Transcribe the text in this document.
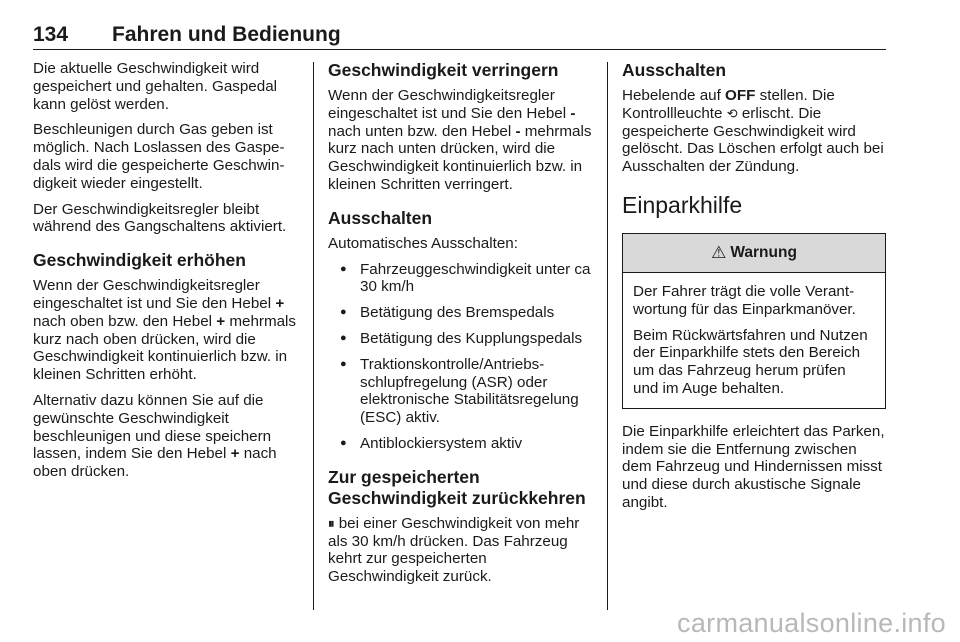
134 Fahren und Bedienung

Die aktuelle Geschwindigkeit wird gespeichert und gehalten. Gaspedal kann gelöst werden.

Beschleunigen durch Gas geben ist möglich. Nach Loslassen des Gaspedals wird die gespeicherte Geschwindigkeit wieder eingestellt.

Der Geschwindigkeitsregler bleibt während des Gangschaltens aktiviert.

Geschwindigkeit erhöhen

Wenn der Geschwindigkeitsregler eingeschaltet ist und Sie den Hebel + nach oben bzw. den Hebel + mehrmals kurz nach oben drücken, wird die Geschwindigkeit kontinuierlich bzw. in kleinen Schritten erhöht.

Alternativ dazu können Sie auf die gewünschte Geschwindigkeit beschleunigen und diese speichern lassen, indem Sie den Hebel + nach oben drücken.

Geschwindigkeit verringern

Wenn der Geschwindigkeitsregler eingeschaltet ist und Sie den Hebel - nach unten bzw. den Hebel - mehrmals kurz nach unten drücken, wird die Geschwindigkeit kontinuierlich bzw. in kleinen Schritten verringert.

Ausschalten

Automatisches Ausschalten:

● Fahrzeuggeschwindigkeit unter ca 30 km/h
● Betätigung des Bremspedals
● Betätigung des Kupplungspedals
● Traktionskontrolle/Antriebsschlupfregelung (ASR) oder elektronische Stabilitätsregelung (ESC) aktiv.
● Antiblockiersystem aktiv
Zur gespeicherten Geschwindigkeit zurückkehren

⏸ bei einer Geschwindigkeit von mehr als 30 km/h drücken. Das Fahrzeug kehrt zur gespeicherten Geschwindigkeit zurück.

Ausschalten

Hebelende auf OFF stellen. Die Kontrollleuchte ⟲ erlischt. Die gespeicherte Geschwindigkeit wird gelöscht. Das Löschen erfolgt auch bei Ausschalten der Zündung.

Einparkhilfe
⚠ Warnung

Der Fahrer trägt die volle Verantwortung für das Einparkmanöver.

Beim Rückwärtsfahren und Nutzen der Einparkhilfe stets den Bereich um das Fahrzeug herum prüfen und im Auge behalten.

Die Einparkhilfe erleichtert das Parken, indem sie die Entfernung zwischen dem Fahrzeug und Hindernissen misst und diese durch akustische Signale angibt.

carmanualsonline.info
